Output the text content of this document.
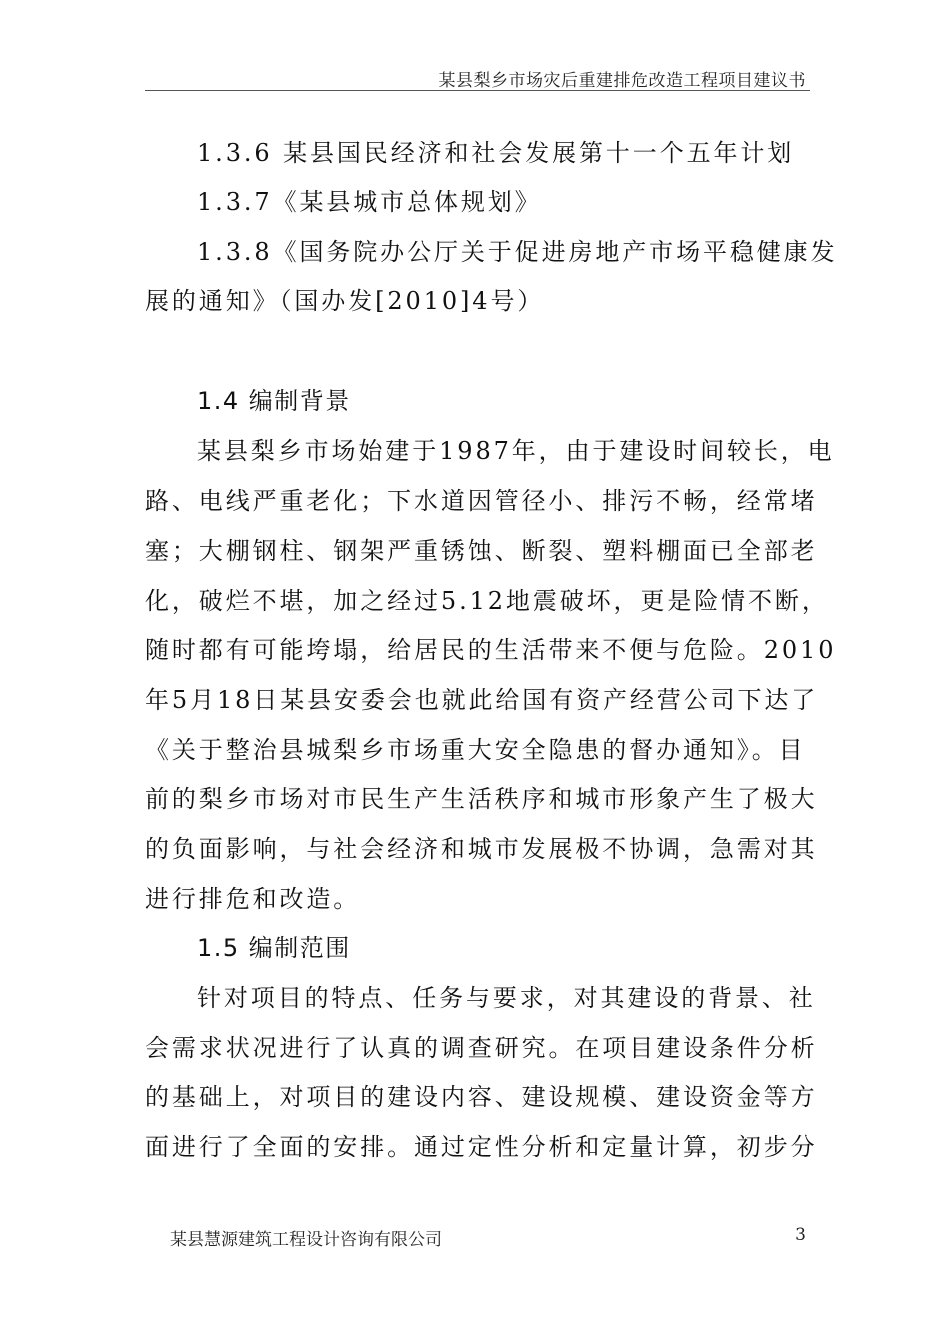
某县梨乡市场灾后重建排危改造工程项目建议书
1.3.6 某县国民经济和社会发展第十一个五年计划
1.3.7《某县城市总体规划》
1.3.8《国务院办公厅关于促进房地产市场平稳健康发
展的通知》（国办发[2010]4号）
1.4 编制背景
某县梨乡市场始建于1987年，由于建设时间较长，电
路、电线严重老化；下水道因管径小、排污不畅，经常堵
塞；大棚钢柱、钢架严重锈蚀、断裂、塑料棚面已全部老
化，破烂不堪，加之经过5.12地震破坏，更是险情不断，
随时都有可能垮塌，给居民的生活带来不便与危险。2010
年5月18日某县安委会也就此给国有资产经营公司下达了
《关于整治县城梨乡市场重大安全隐患的督办通知》。目
前的梨乡市场对市民生产生活秩序和城市形象产生了极大
的负面影响，与社会经济和城市发展极不协调，急需对其
进行排危和改造。
1.5 编制范围
针对项目的特点、任务与要求，对其建设的背景、社
会需求状况进行了认真的调查研究。在项目建设条件分析
的基础上，对项目的建设内容、建设规模、建设资金等方
面进行了全面的安排。通过定性分析和定量计算，初步分
某县慧源建筑工程设计咨询有限公司	3
